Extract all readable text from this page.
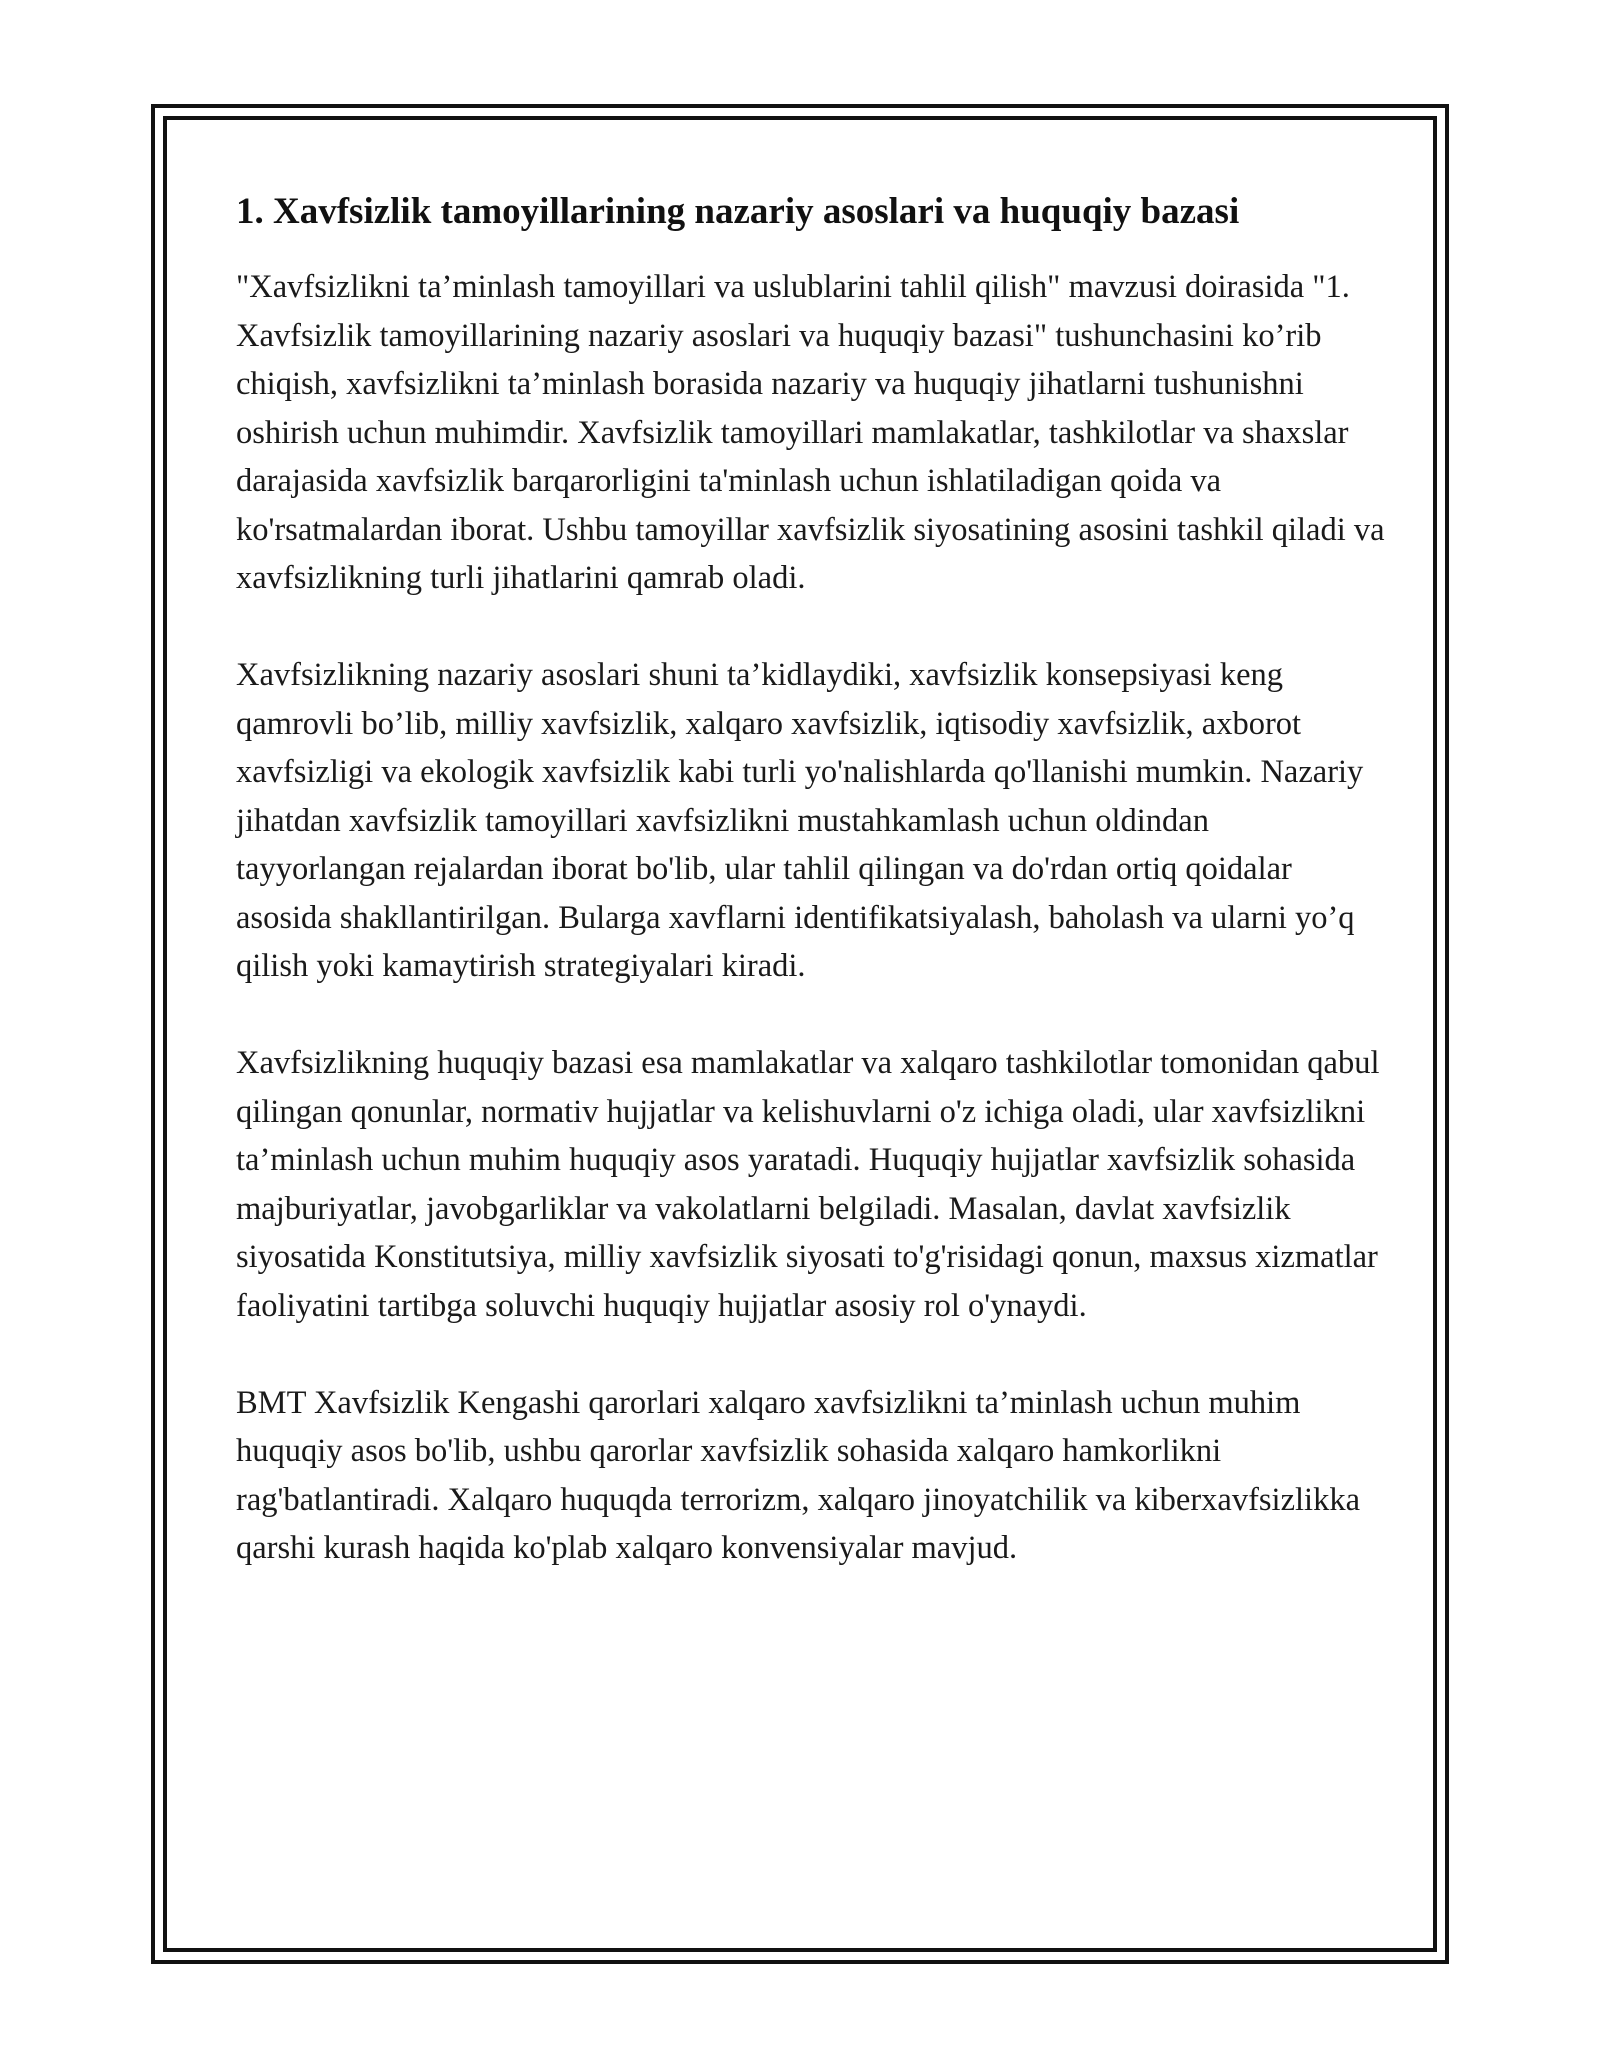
1. Xavfsizlik tamoyillarining nazariy asoslari va huquqiy bazasi

"Xavfsizlikni ta’minlash tamoyillari va uslublarini tahlil qilish" mavzusi doirasida "1. Xavfsizlik tamoyillarining nazariy asoslari va huquqiy bazasi" tushunchasini ko’rib chiqish, xavfsizlikni ta’minlash borasida nazariy va huquqiy jihatlarni tushunishni oshirish uchun muhimdir. Xavfsizlik tamoyillari mamlakatlar, tashkilotlar va shaxslar darajasida xavfsizlik barqarorligini ta'minlash uchun ishlatiladigan qoida va ko'rsatmalardan iborat. Ushbu tamoyillar xavfsizlik siyosatining asosini tashkil qiladi va xavfsizlikning turli jihatlarini qamrab oladi.

Xavfsizlikning nazariy asoslari shuni ta’kidlaydiki, xavfsizlik konsepsiyasi keng qamrovli bo’lib, milliy xavfsizlik, xalqaro xavfsizlik, iqtisodiy xavfsizlik, axborot xavfsizligi va ekologik xavfsizlik kabi turli yo'nalishlarda qo'llanishi mumkin. Nazariy jihatdan xavfsizlik tamoyillari xavfsizlikni mustahkamlash uchun oldindan tayyorlangan rejalardan iborat bo'lib, ular tahlil qilingan va do'rdan ortiq qoidalar asosida shakllantirilgan. Bularga xavflarni identifikatsiyalash, baholash va ularni yo’q qilish yoki kamaytirish strategiyalari kiradi.

Xavfsizlikning huquqiy bazasi esa mamlakatlar va xalqaro tashkilotlar tomonidan qabul qilingan qonunlar, normativ hujjatlar va kelishuvlarni o'z ichiga oladi, ular xavfsizlikni ta’minlash uchun muhim huquqiy asos yaratadi. Huquqiy hujjatlar xavfsizlik sohasida majburiyatlar, javobgarliklar va vakolatlarni belgiladi. Masalan, davlat xavfsizlik siyosatida Konstitutsiya, milliy xavfsizlik siyosati to'g'risidagi qonun, maxsus xizmatlar faoliyatini tartibga soluvchi huquqiy hujjatlar asosiy rol o'ynaydi.

BMT Xavfsizlik Kengashi qarorlari xalqaro xavfsizlikni ta’minlash uchun muhim huquqiy asos bo'lib, ushbu qarorlar xavfsizlik sohasida xalqaro hamkorlikni rag'batlantiradi. Xalqaro huquqda terrorizm, xalqaro jinoyatchilik va kiberxavfsizlikka qarshi kurash haqida ko'plab xalqaro konvensiyalar mavjud.
